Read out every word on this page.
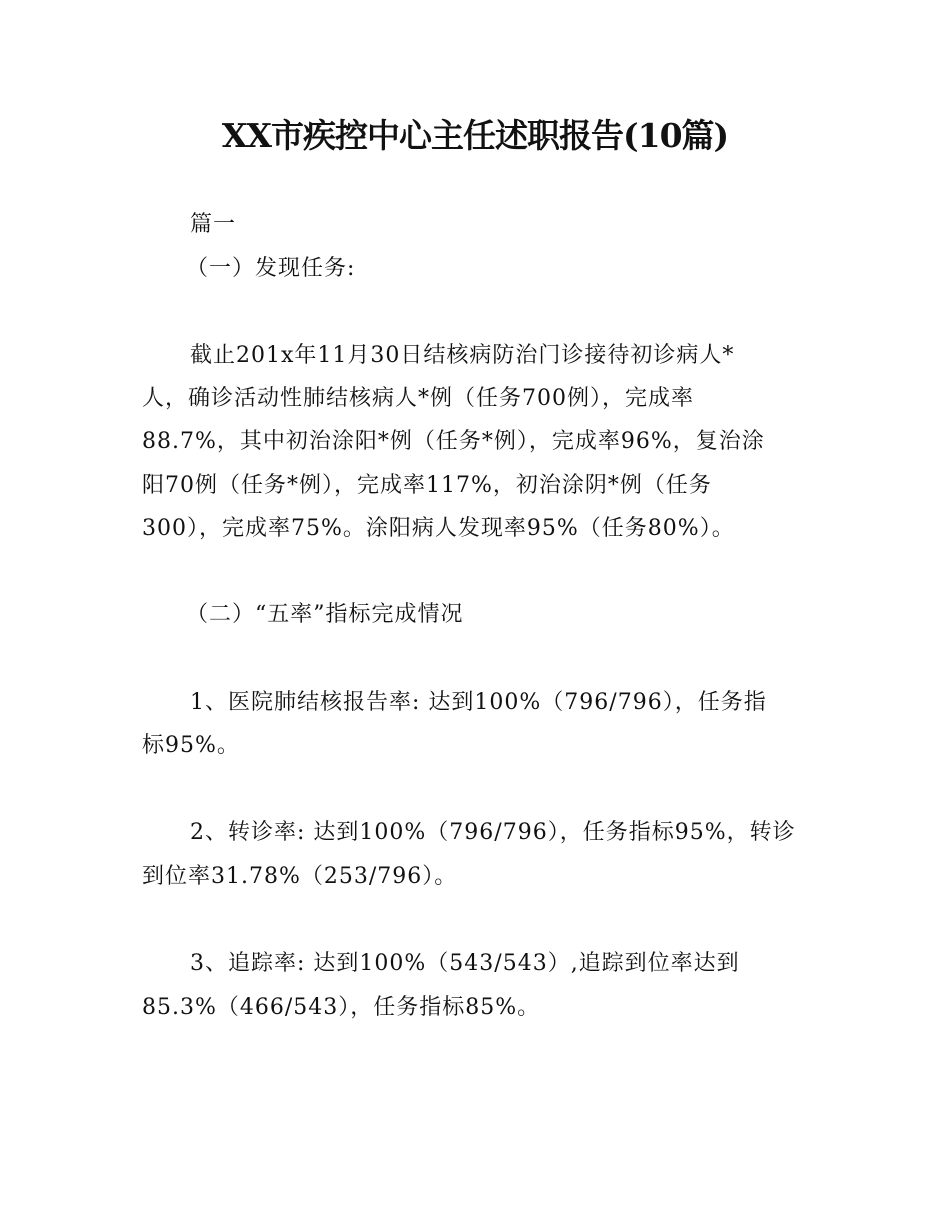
XX市疾控中心主任述职报告(10篇)
篇一
（一）发现任务:
截止201x年11月30日结核病防治门诊接待初诊病人*
人，确诊活动性肺结核病人*例（任务700例），完成率
88.7%，其中初治涂阳*例（任务*例），完成率96%，复治涂
阳70例（任务*例），完成率117%，初治涂阴*例（任务
300），完成率75%。涂阳病人发现率95%（任务80%）。
（二）“五率”指标完成情况
1、医院肺结核报告率: 达到100%（796/796），任务指
标95%。
2、转诊率: 达到100%（796/796），任务指标95%，转诊
到位率31.78%（253/796）。
3、追踪率: 达到100%（543/543）,追踪到位率达到
85.3%（466/543），任务指标85%。
